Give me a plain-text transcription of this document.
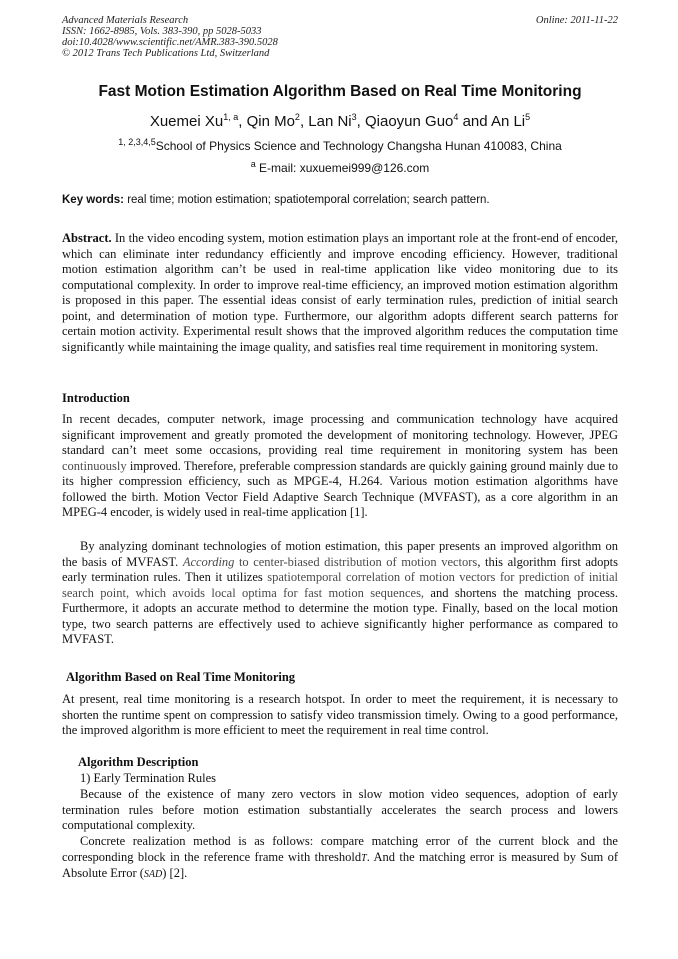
Advanced Materials Research
ISSN: 1662-8985, Vols. 383-390, pp 5028-5033
doi:10.4028/www.scientific.net/AMR.383-390.5028
© 2012 Trans Tech Publications Ltd, Switzerland
Online: 2011-11-22
Fast Motion Estimation Algorithm Based on Real Time Monitoring
Xuemei Xu$^{1, a}$, Qin Mo$^2$, Lan Ni$^3$, Qiaoyun Guo$^4$ and An Li$^5$
$^{1, 2,3,4,5}$School of Physics Science and Technology Changsha Hunan 410083, China
$^a$ E-mail: xuxuemei999@126.com
Key words: real time; motion estimation; spatiotemporal correlation; search pattern.
Abstract. In the video encoding system, motion estimation plays an important role at the front-end of encoder, which can eliminate inter redundancy efficiently and improve encoding efficiency. However, traditional motion estimation algorithm can’t be used in real-time application like video monitoring due to its computational complexity. In order to improve real-time efficiency, an improved motion estimation algorithm is proposed in this paper. The essential ideas consist of early termination rules, prediction of initial search point, and determination of motion type. Furthermore, our algorithm adopts different search patterns for certain motion activity. Experimental result shows that the improved algorithm reduces the computation time significantly while maintaining the image quality, and satisfies real time requirement in monitoring system.
Introduction
In recent decades, computer network, image processing and communication technology have acquired significant improvement and greatly promoted the development of monitoring technology. However, JPEG standard can’t meet some occasions, providing real time requirement in monitoring system has been continuously improved. Therefore, preferable compression standards are quickly gaining ground mainly due to its higher compression efficiency, such as MPGE-4, H.264. Various motion estimation algorithms have followed the birth. Motion Vector Field Adaptive Search Technique (MVFAST), as a core algorithm in an MPEG-4 encoder, is widely used in real-time application [1].
By analyzing dominant technologies of motion estimation, this paper presents an improved algorithm on the basis of MVFAST. According to center-biased distribution of motion vectors, this algorithm first adopts early termination rules. Then it utilizes spatiotemporal correlation of motion vectors for prediction of initial search point, which avoids local optima for fast motion sequences, and shortens the matching process. Furthermore, it adopts an accurate method to determine the motion type. Finally, based on the local motion type, two search patterns are effectively used to achieve significantly higher performance as compared to MVFAST.
Algorithm Based on Real Time Monitoring
At present, real time monitoring is a research hotspot. In order to meet the requirement, it is necessary to shorten the runtime spent on compression to satisfy video transmission timely. Owing to a good performance, the improved algorithm is more efficient to meet the requirement in real time control.
Algorithm Description
1) Early Termination Rules
Because of the existence of many zero vectors in slow motion video sequences, adoption of early termination rules before motion estimation substantially accelerates the search process and lowers computational complexity.
Concrete realization method is as follows: compare matching error of the current block and the corresponding block in the reference frame with thresholdT. And the matching error is measured by Sum of Absolute Error (SAD) [2].
